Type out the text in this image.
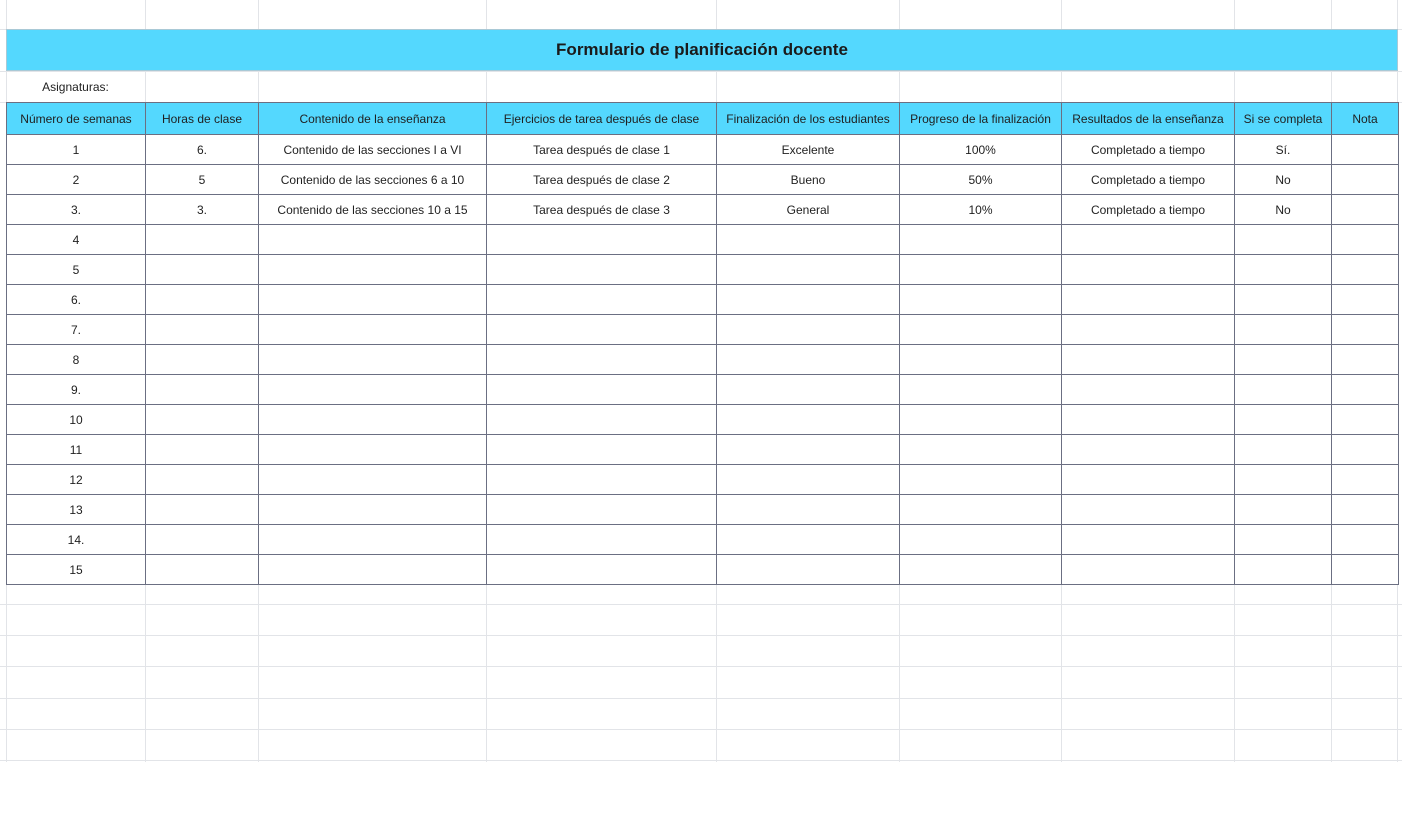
Formulario de planificación docente
Asignaturas:
Número de semanas	Horas de clase	Contenido de la enseñanza	Ejercicios de tarea después de clase	Finalización de los estudiantes	Progreso de la finalización	Resultados de la enseñanza	Si se completa	Nota
1	6.	Contenido de las secciones I a VI	Tarea después de clase 1	Excelente	100%	Completado a tiempo	Sí.	
2	5	Contenido de las secciones 6 a 10	Tarea después de clase 2	Bueno	50%	Completado a tiempo	No	
3.	3.	Contenido de las secciones 10 a 15	Tarea después de clase 3	General	10%	Completado a tiempo	No	
4								
5								
6.								
7.								
8								
9.								
10								
11								
12								
13								
14.								
15								
